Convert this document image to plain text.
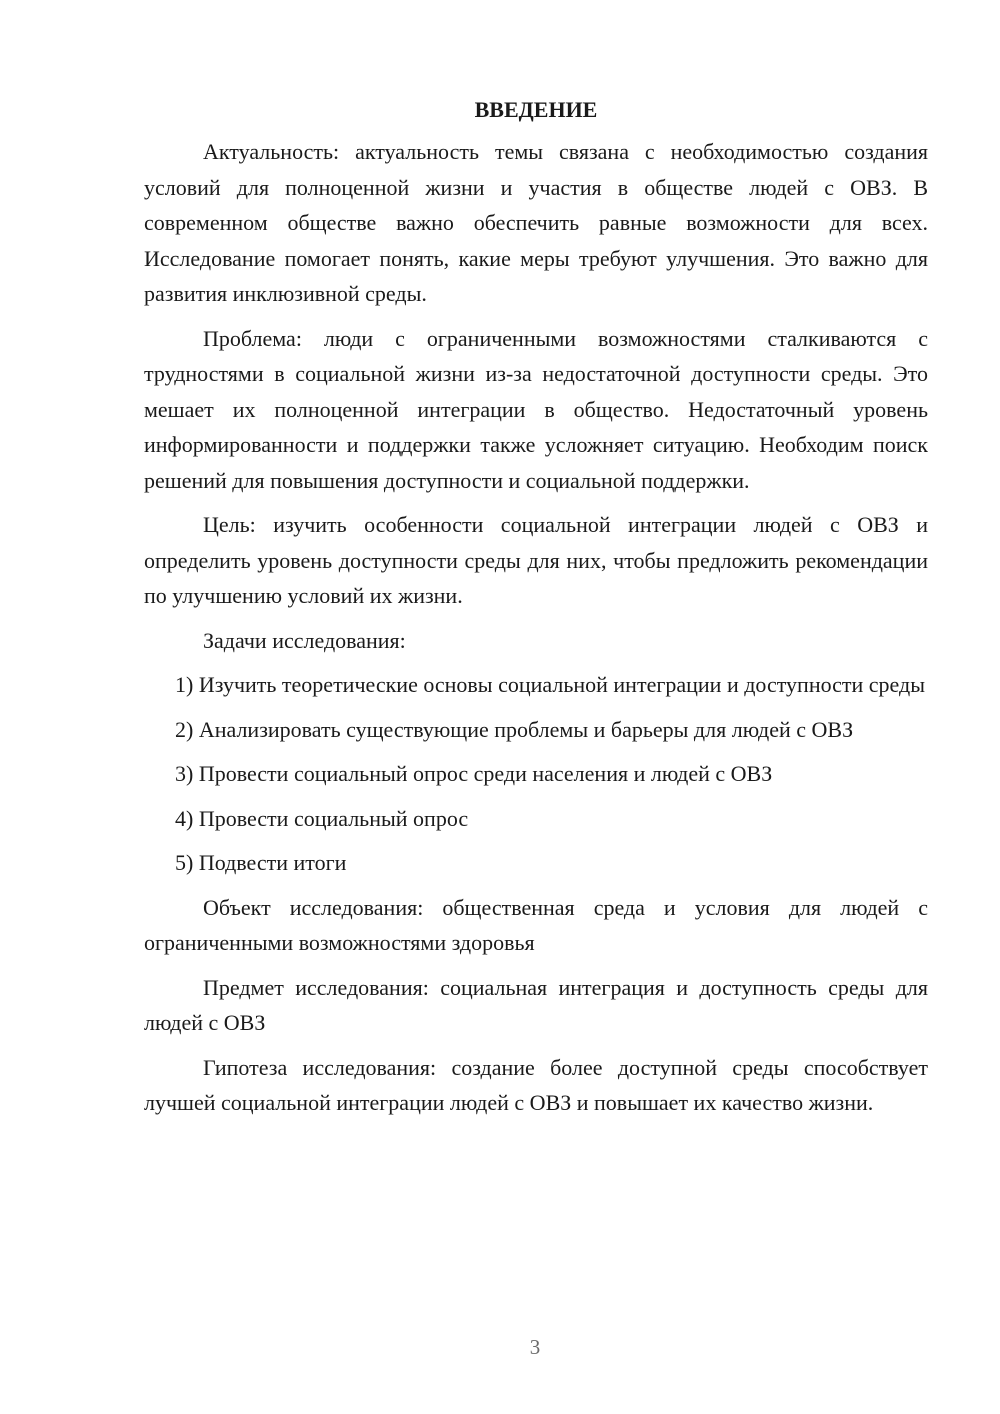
ВВЕДЕНИЕ

Актуальность: актуальность темы связана с необходимостью создания условий для полноценной жизни и участия в обществе людей с ОВЗ. В современном обществе важно обеспечить равные возможности для всех. Исследование помогает понять, какие меры требуют улучшения. Это важно для развития инклюзивной среды.

Проблема: люди с ограниченными возможностями сталкиваются с трудностями в социальной жизни из-за недостаточной доступности среды. Это мешает их полноценной интеграции в общество. Недостаточный уровень информированности и поддержки также усложняет ситуацию. Необходим поиск решений для повышения доступности и социальной поддержки.

Цель: изучить особенности социальной интеграции людей с ОВЗ и определить уровень доступности среды для них, чтобы предложить рекомендации по улучшению условий их жизни.

Задачи исследования:

1) Изучить теоретические основы социальной интеграции и доступности среды

2) Анализировать существующие проблемы и барьеры для людей с ОВЗ

3) Провести социальный опрос среди населения и людей с ОВЗ

4) Провести социальный опрос

5) Подвести итоги

Объект исследования: общественная среда и условия для людей с ограниченными возможностями здоровья

Предмет исследования: социальная интеграция и доступность среды для людей с ОВЗ

Гипотеза исследования: создание более доступной среды способствует лучшей социальной интеграции людей с ОВЗ и повышает их качество жизни.

3
